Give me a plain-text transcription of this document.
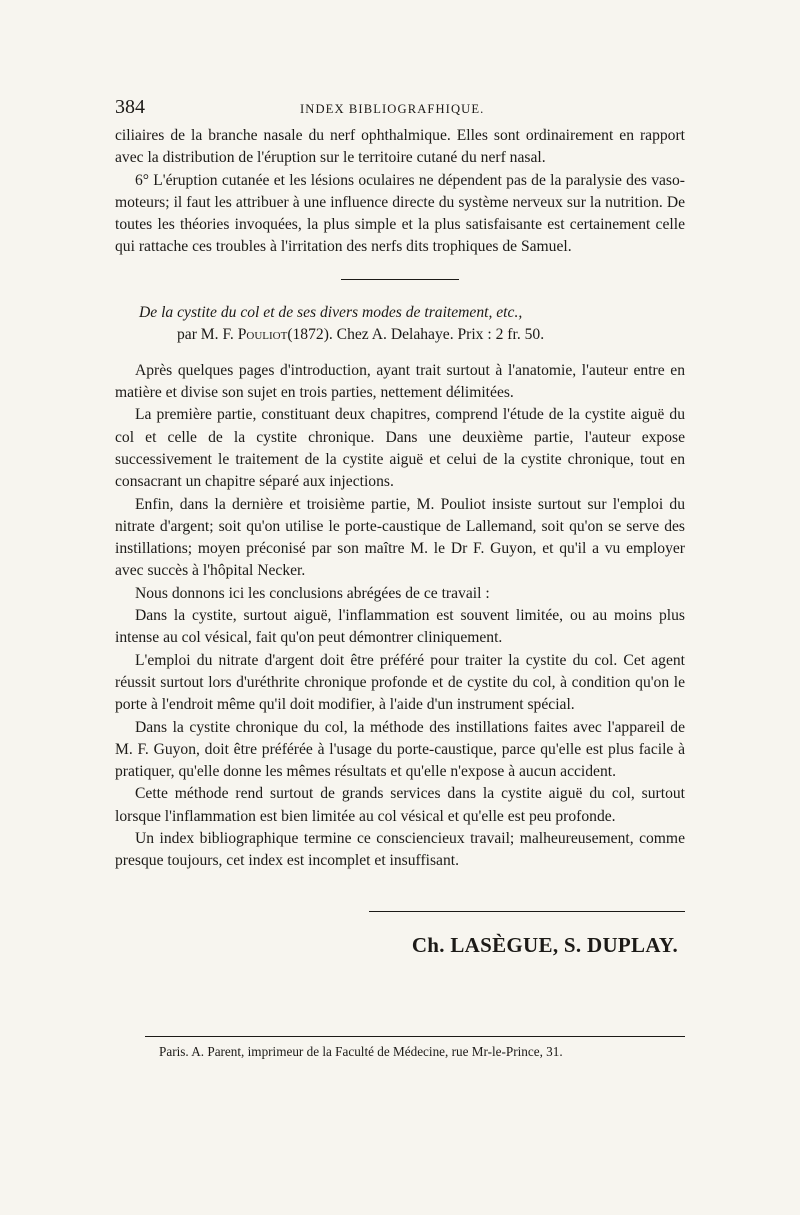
384	INDEX BIBLIOGRAFHIQUE.

ciliaires de la branche nasale du nerf ophthalmique. Elles sont ordinairement en rapport avec la distribution de l'éruption sur le territoire cutané du nerf nasal.

6° L'éruption cutanée et les lésions oculaires ne dépendent pas de la paralysie des vaso-moteurs; il faut les attribuer à une influence directe du système nerveux sur la nutrition. De toutes les théories invoquées, la plus simple et la plus satisfaisante est certainement celle qui rattache ces troubles à l'irritation des nerfs dits trophiques de Samuel.

De la cystite du col et de ses divers modes de traitement, etc.,
par M. F. Pouliot(1872). Chez A. Delahaye. Prix : 2 fr. 50.

Après quelques pages d'introduction, ayant trait surtout à l'anatomie, l'auteur entre en matière et divise son sujet en trois parties, nettement délimitées.

La première partie, constituant deux chapitres, comprend l'étude de la cystite aiguë du col et celle de la cystite chronique. Dans une deuxième partie, l'auteur expose successivement le traitement de la cystite aiguë et celui de la cystite chronique, tout en consacrant un chapitre séparé aux injections.

Enfin, dans la dernière et troisième partie, M. Pouliot insiste surtout sur l'emploi du nitrate d'argent; soit qu'on utilise le porte-caustique de Lallemand, soit qu'on se serve des instillations; moyen préconisé par son maître M. le Dr F. Guyon, et qu'il a vu employer avec succès à l'hôpital Necker.

Nous donnons ici les conclusions abrégées de ce travail :

Dans la cystite, surtout aiguë, l'inflammation est souvent limitée, ou au moins plus intense au col vésical, fait qu'on peut démontrer cliniquement.

L'emploi du nitrate d'argent doit être préféré pour traiter la cystite du col. Cet agent réussit surtout lors d'uréthrite chronique profonde et de cystite du col, à condition qu'on le porte à l'endroit même qu'il doit modifier, à l'aide d'un instrument spécial.

Dans la cystite chronique du col, la méthode des instillations faites avec l'appareil de M. F. Guyon, doit être préférée à l'usage du porte-caustique, parce qu'elle est plus facile à pratiquer, qu'elle donne les mêmes résultats et qu'elle n'expose à aucun accident.

Cette méthode rend surtout de grands services dans la cystite aiguë du col, surtout lorsque l'inflammation est bien limitée au col vésical et qu'elle est peu profonde.

Un index bibliographique termine ce consciencieux travail; malheureusement, comme presque toujours, cet index est incomplet et insuffisant.

Ch. LASÈGUE, S. DUPLAY.
Paris. A. Parent, imprimeur de la Faculté de Médecine, rue Mr-le-Prince, 31.
